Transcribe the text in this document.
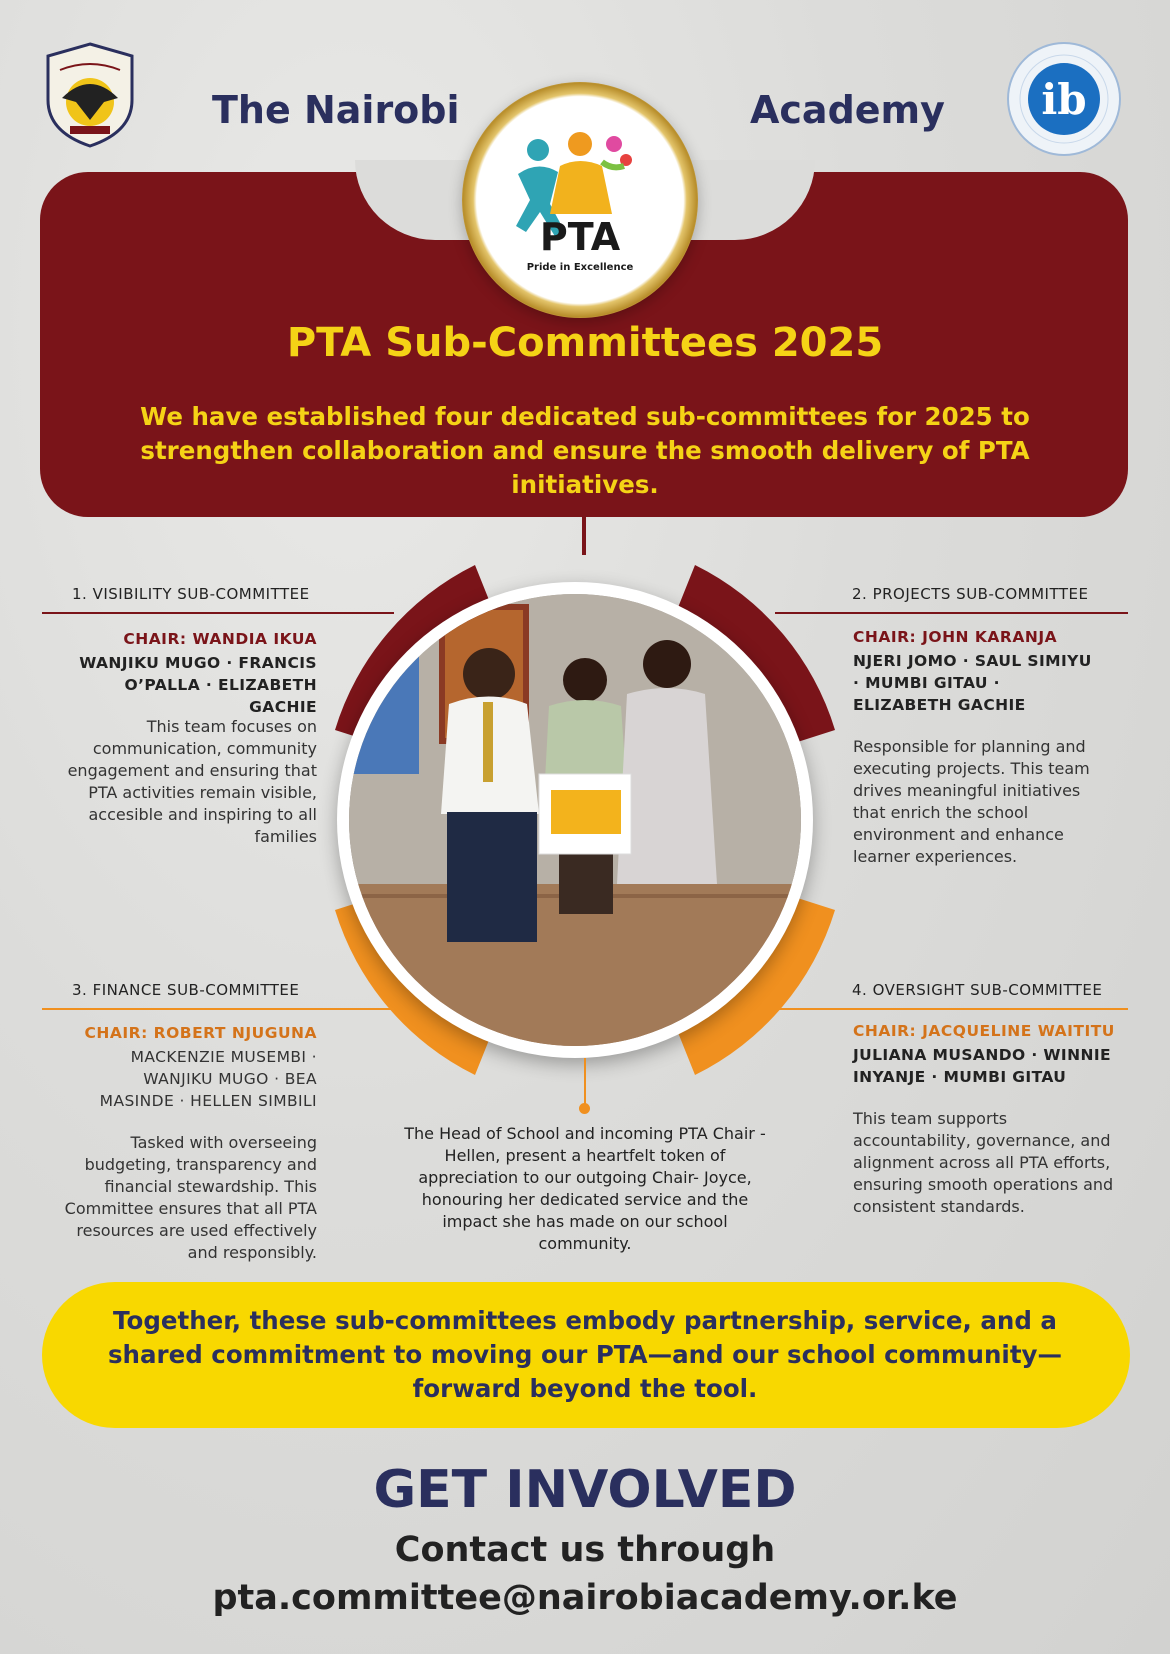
The Nairobi	Academy ib
PTA
Pride in Excellence
PTA Sub-Committees 2025
We have established four dedicated sub-committees for 2025 to strengthen collaboration and ensure the smooth delivery of PTA initiatives.
1. VISIBILITY SUB-COMMITTEE
CHAIR: WANDIA IKUA
WANJIKU MUGO · FRANCIS O’PALLA · ELIZABETH GACHIE
This team focuses on communication, community engagement and ensuring that PTA activities remain visible, accesible and inspiring to all families
2. PROJECTS SUB-COMMITTEE
CHAIR: JOHN KARANJA
NJERI JOMO · SAUL SIMIYU · MUMBI GITAU · ELIZABETH GACHIE
Responsible for planning and executing projects. This team drives meaningful initiatives that enrich the school environment and enhance learner experiences.
3. FINANCE SUB-COMMITTEE
CHAIR: ROBERT NJUGUNA
MACKENZIE MUSEMBI · WANJIKU MUGO · BEA MASINDE · HELLEN SIMBILI
Tasked with overseeing budgeting, transparency and financial stewardship. This Committee ensures that all PTA resources are used effectively and responsibly.
4. OVERSIGHT SUB-COMMITTEE
CHAIR: JACQUELINE WAITITU
JULIANA MUSANDO · WINNIE INYANJE · MUMBI GITAU
This team supports accountability, governance, and alignment across all PTA efforts, ensuring smooth operations and consistent standards.
The Head of School and incoming PTA Chair - Hellen, present a heartfelt token of appreciation to our outgoing Chair- Joyce, honouring her dedicated service and the impact she has made on our school community.
Together, these sub-committees embody partnership, service, and a shared commitment to moving our PTA—and our school community—forward beyond the tool.
GET INVOLVED
Contact us through
pta.committee@nairobiacademy.or.ke
